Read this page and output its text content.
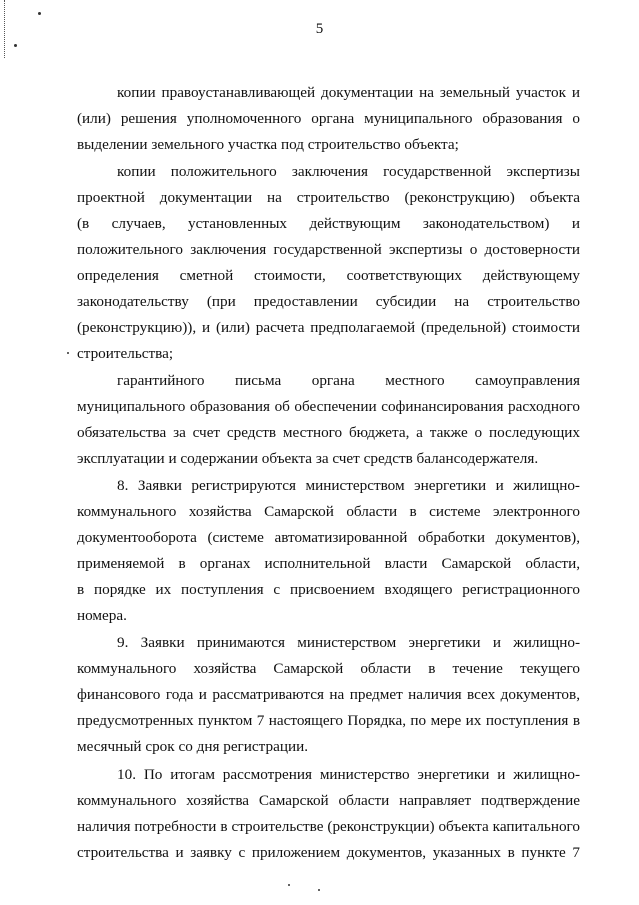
5
копии правоустанавливающей документации на земельный участок и
(или) решения уполномоченного органа муниципального образования о
выделении земельного участка под строительство объекта;
копии положительного заключения государственной экспертизы
проектной документации на строительство (реконструкцию) объекта
(в случаев, установленных действующим законодательством) и
положительного заключения государственной экспертизы о достоверности
определения сметной стоимости, соответствующих действующему
законодательству (при предоставлении субсидии на строительство
(реконструкцию)), и (или) расчета предполагаемой (предельной) стоимости
строительства;
гарантийного письма органа местного самоуправления
муниципального образования об обеспечении софинансирования расходного
обязательства за счет средств местного бюджета, а также о последующих
эксплуатации и содержании объекта за счет средств балансодержателя.
8. Заявки регистрируются министерством энергетики и жилищно-
коммунального хозяйства Самарской области в системе электронного
документооборота (системе автоматизированной обработки документов),
применяемой в органах исполнительной власти Самарской области,
в порядке их поступления с присвоением входящего регистрационного
номера.
9. Заявки принимаются министерством энергетики и жилищно-
коммунального хозяйства Самарской области в течение текущего
финансового года и рассматриваются на предмет наличия всех документов,
предусмотренных пунктом 7 настоящего Порядка, по мере их поступления в
месячный срок со дня регистрации.
10. По итогам рассмотрения министерство энергетики и жилищно-
коммунального хозяйства Самарской области направляет подтверждение
наличия потребности в строительстве (реконструкции) объекта капитального
строительства и заявку с приложением документов, указанных в пункте 7
